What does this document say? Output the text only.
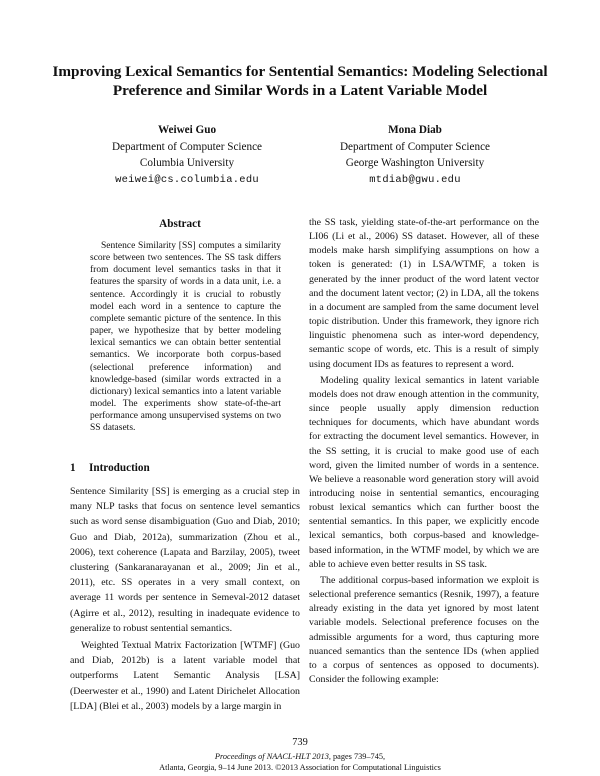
Improving Lexical Semantics for Sentential Semantics: Modeling Selectional
Preference and Similar Words in a Latent Variable Model
Weiwei Guo
Department of Computer Science
Columbia University
weiwei@cs.columbia.edu
Mona Diab
Department of Computer Science
George Washington University
mtdiab@gwu.edu
Abstract

Sentence Similarity [SS] computes a similarity score between two sentences. The SS task differs from document level semantics tasks in that it features the sparsity of words in a data unit, i.e. a sentence. Accordingly it is crucial to robustly model each word in a sentence to capture the complete semantic picture of the sentence. In this paper, we hypothesize that by better modeling lexical semantics we can obtain better sentential semantics. We incorporate both corpus-based (selectional preference information) and knowledge-based (similar words extracted in a dictionary) lexical semantics into a latent variable model. The experiments show state-of-the-art performance among unsupervised systems on two SS datasets.

1 Introduction

Sentence Similarity [SS] is emerging as a crucial step in many NLP tasks that focus on sentence level semantics such as word sense disambiguation (Guo and Diab, 2010; Guo and Diab, 2012a), summarization (Zhou et al., 2006), text coherence (Lapata and Barzilay, 2005), tweet clustering (Sankaranarayanan et al., 2009; Jin et al., 2011), etc. SS operates in a very small context, on average 11 words per sentence in Semeval-2012 dataset (Agirre et al., 2012), resulting in inadequate evidence to generalize to robust sentential semantics.

Weighted Textual Matrix Factorization [WTMF] (Guo and Diab, 2012b) is a latent variable model that outperforms Latent Semantic Analysis [LSA] (Deerwester et al., 1990) and Latent Dirichelet Allocation [LDA] (Blei et al., 2003) models by a large margin in

the SS task, yielding state-of-the-art performance on the LI06 (Li et al., 2006) SS dataset. However, all of these models make harsh simplifying assumptions on how a token is generated: (1) in LSA/WTMF, a token is generated by the inner product of the word latent vector and the document latent vector; (2) in LDA, all the tokens in a document are sampled from the same document level topic distribution. Under this framework, they ignore rich linguistic phenomena such as inter-word dependency, semantic scope of words, etc. This is a result of simply using document IDs as features to represent a word.

Modeling quality lexical semantics in latent variable models does not draw enough attention in the community, since people usually apply dimension reduction techniques for documents, which have abundant words for extracting the document level semantics. However, in the SS setting, it is crucial to make good use of each word, given the limited number of words in a sentence. We believe a reasonable word generation story will avoid introducing noise in sentential semantics, encouraging robust lexical semantics which can further boost the sentential semantics. In this paper, we explicitly encode lexical semantics, both corpus-based and knowledge-based information, in the WTMF model, by which we are able to achieve even better results in SS task.

The additional corpus-based information we exploit is selectional preference semantics (Resnik, 1997), a feature already existing in the data yet ignored by most latent variable models. Selectional preference focuses on the admissible arguments for a word, thus capturing more nuanced semantics than the sentence IDs (when applied to a corpus of sentences as opposed to documents). Consider the following example:

739
Proceedings of NAACL-HLT 2013, pages 739–745,
Atlanta, Georgia, 9–14 June 2013. ©2013 Association for Computational Linguistics
